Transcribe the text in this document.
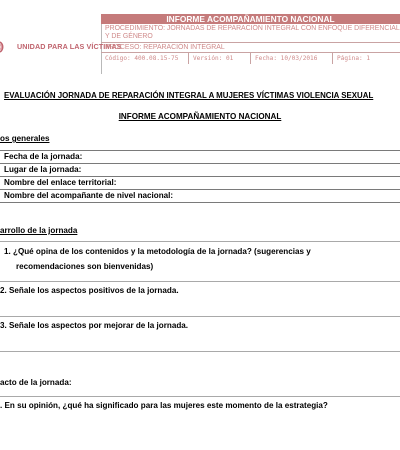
UNIDAD PARA LAS VÍCTIMAS
INFORME ACOMPAÑAMIENTO NACIONAL
PROCEDIMIENTO: JORNADAS DE REPARACIÓN INTEGRAL CON ENFOQUE DIFERENCIAL Y DE GÉNERO
PROCESO: REPARACIÓN INTEGRAL
Código: 400.08.15-75	Versión: 01	Fecha: 10/03/2016	Página: 1
EVALUACIÓN JORNADA DE REPARACIÓN INTEGRAL A MUJERES VÍCTIMAS VIOLENCIA SEXUAL
INFORME ACOMPAÑAMIENTO NACIONAL
os generales
Fecha de la jornada:
Lugar de la jornada:
Nombre del enlace territorial:
Nombre del acompañante de nivel nacional:
arrollo de la jornada
1. ¿Qué opina de los contenidos y la metodología de la jornada? (sugerencias y
recomendaciones son bienvenidas)
2. Señale los aspectos positivos de la jornada.
3. Señale los aspectos por mejorar de la jornada.
acto de la jornada:
. En su opinión, ¿qué ha significado para las mujeres este momento de la estrategia?
